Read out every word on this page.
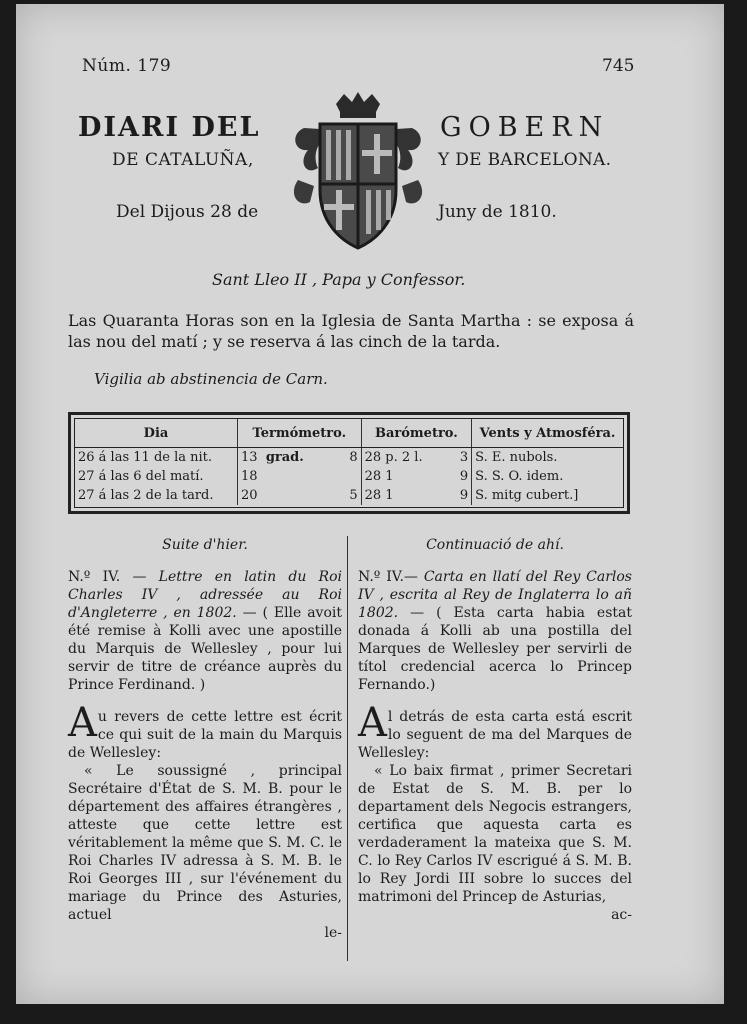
Núm. 179	745
DIARI DEL	GOBERN
DE CATALUÑA,	Y DE BARCELONA.
Del Dijous 28 de	Juny de 1810.
Sant Lleo II , Papa y Confessor.
Las Quaranta Horas son en la Iglesia de Santa Martha : se exposa á las nou del matí ; y se reserva á las cinch de la tarda.
Vigilia ab abstinencia de Carn.
Dia	Termómetro.		Barómetro.		Vents y Atmosféra.
26 á las 11 de la nit.	13 grad.	8	28 p. 2 l.	3	S. E. nubols.
27 á las 6 del matí.	18		28 1	9	S. S. O. idem.
27 á las 2 de la tard.	20	5	28 1	9	S. mitg cubert.]
Suite d'hier.

N.º IV. — Lettre en latin du Roi Charles IV , adressée au Roi d'Angleterre , en 1802. — ( Elle avoit été remise à Kolli avec une apostille du Marquis de Wellesley , pour lui servir de titre de créance auprès du Prince Ferdinand. )

Au revers de cette lettre est écrit ce qui suit de la main du Marquis de Wellesley:

« Le soussigné , principal Secrétaire d'État de S. M. B. pour le département des affaires étrangères , atteste que cette lettre est véritablement la même que S. M. C. le Roi Charles IV adressa à S. M. B. le Roi Georges III , sur l'événement du mariage du Prince des Asturies, actuel

le-
Continuació de ahí.

N.º IV.— Carta en llatí del Rey Carlos IV , escrita al Rey de Inglaterra lo añ 1802. — ( Esta carta habia estat donada á Kolli ab una postilla del Marques de Wellesley per servirli de títol credencial acerca lo Princep Fernando.)

Al detrás de esta carta está escrit lo seguent de ma del Marques de Wellesley:

« Lo baix firmat , primer Secretari de Estat de S. M. B. per lo departament dels Negocis estrangers, certifica que aquesta carta es verdaderament la mateixa que S. M. C. lo Rey Carlos IV escrigué á S. M. B. lo Rey Jordi III sobre lo succes del matrimoni del Princep de Asturias,

ac-
